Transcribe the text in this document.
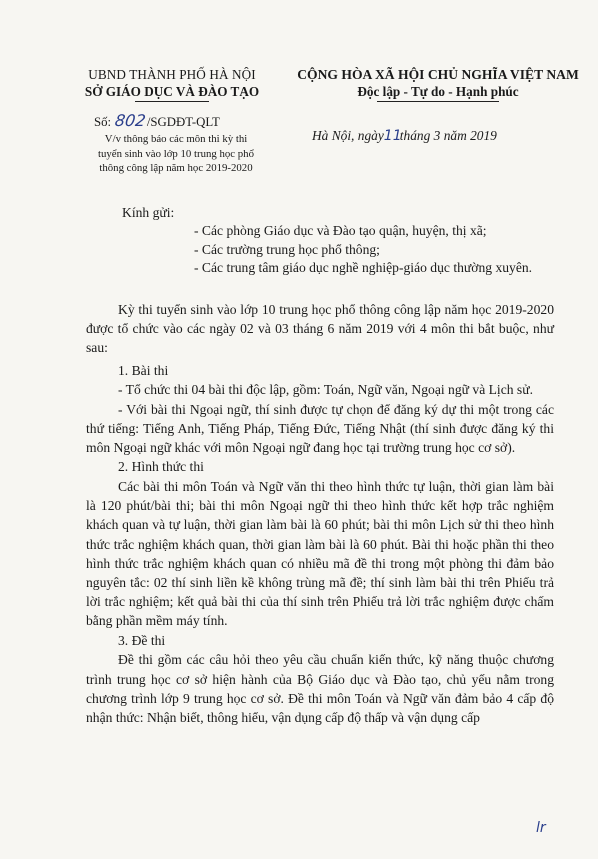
UBND THÀNH PHỐ HÀ NỘI
SỞ GIÁO DỤC VÀ ĐÀO TẠO
CỘNG HÒA XÃ HỘI CHỦ NGHĨA VIỆT NAM
Độc lập - Tự do - Hạnh phúc
Số: 802/SGDĐT-QLT
V/v thông báo các môn thi kỳ thi
tuyển sinh vào lớp 10 trung học phổ
thông công lập năm học 2019-2020
Hà Nội, ngày11tháng 3 năm 2019
Kính gửi:
- Các phòng Giáo dục và Đào tạo quận, huyện, thị xã;
- Các trường trung học phổ thông;
- Các trung tâm giáo dục nghề nghiệp-giáo dục thường xuyên.

Kỳ thi tuyển sinh vào lớp 10 trung học phổ thông công lập năm học 2019-2020 được tổ chức vào các ngày 02 và 03 tháng 6 năm 2019 với 4 môn thi bắt buộc, như sau:

1. Bài thi

- Tổ chức thi 04 bài thi độc lập, gồm: Toán, Ngữ văn, Ngoại ngữ và Lịch sử.

- Với bài thi Ngoại ngữ, thí sinh được tự chọn để đăng ký dự thi một trong các thứ tiếng: Tiếng Anh, Tiếng Pháp, Tiếng Đức, Tiếng Nhật (thí sinh được đăng ký thi môn Ngoại ngữ khác với môn Ngoại ngữ đang học tại trường trung học cơ sở).

2. Hình thức thi

Các bài thi môn Toán và Ngữ văn thi theo hình thức tự luận, thời gian làm bài là 120 phút/bài thi; bài thi môn Ngoại ngữ thi theo hình thức kết hợp trắc nghiệm khách quan và tự luận, thời gian làm bài là 60 phút; bài thi môn Lịch sử thi theo hình thức trắc nghiệm khách quan, thời gian làm bài là 60 phút. Bài thi hoặc phần thi theo hình thức trắc nghiệm khách quan có nhiều mã đề thi trong một phòng thi đảm bảo nguyên tắc: 02 thí sinh liền kề không trùng mã đề; thí sinh làm bài thi trên Phiếu trả lời trắc nghiệm; kết quả bài thi của thí sinh trên Phiếu trả lời trắc nghiệm được chấm bằng phần mềm máy tính.

3. Đề thi

Đề thi gồm các câu hỏi theo yêu cầu chuẩn kiến thức, kỹ năng thuộc chương trình trung học cơ sở hiện hành của Bộ Giáo dục và Đào tạo, chủ yếu nằm trong chương trình lớp 9 trung học cơ sở. Đề thi môn Toán và Ngữ văn đảm bảo 4 cấp độ nhận thức: Nhận biết, thông hiểu, vận dụng cấp độ thấp và vận dụng cấp

lr
